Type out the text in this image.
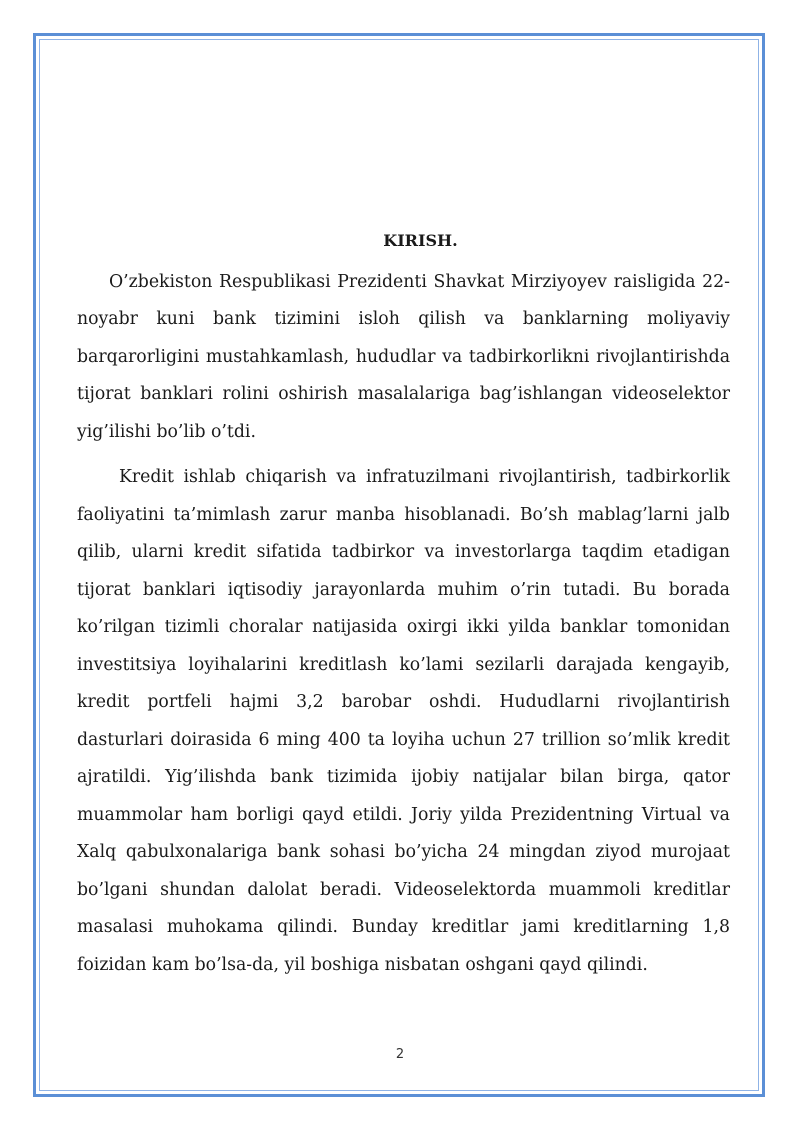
KIRISH.

O’zbekiston Respublikasi Prezidenti Shavkat Mirziyoyev raisligida 22-noyabr kuni bank tizimini isloh qilish va banklarning moliyaviy barqarorligini mustahkamlash, hududlar va tadbirkorlikni rivojlantirishda tijorat banklari rolini oshirish masalalariga bag’ishlangan videoselektor yig’ilishi bo’lib o’tdi.

Kredit ishlab chiqarish va infratuzilmani rivojlantirish, tadbirkorlik faoliyatini ta’mimlash zarur manba hisoblanadi. Bo’sh mablag’larni jalb qilib, ularni kredit sifatida tadbirkor va investorlarga taqdim etadigan tijorat banklari iqtisodiy jarayonlarda muhim o’rin tutadi. Bu borada ko’rilgan tizimli choralar natijasida oxirgi ikki yilda banklar tomonidan investitsiya loyihalarini kreditlash ko’lami sezilarli darajada kengayib, kredit portfeli hajmi 3,2 barobar oshdi. Hududlarni rivojlantirish dasturlari doirasida 6 ming 400 ta loyiha uchun 27 trillion so’mlik kredit ajratildi. Yig’ilishda bank tizimida ijobiy natijalar bilan birga, qator muammolar ham borligi qayd etildi. Joriy yilda Prezidentning Virtual va Xalq qabulxonalariga bank sohasi bo’yicha 24 mingdan ziyod murojaat bo’lgani shundan dalolat beradi. Videoselektorda muammoli kreditlar masalasi muhokama qilindi. Bunday kreditlar jami kreditlarning 1,8 foizidan kam bo’lsa-da, yil boshiga nisbatan oshgani qayd qilindi.

2
